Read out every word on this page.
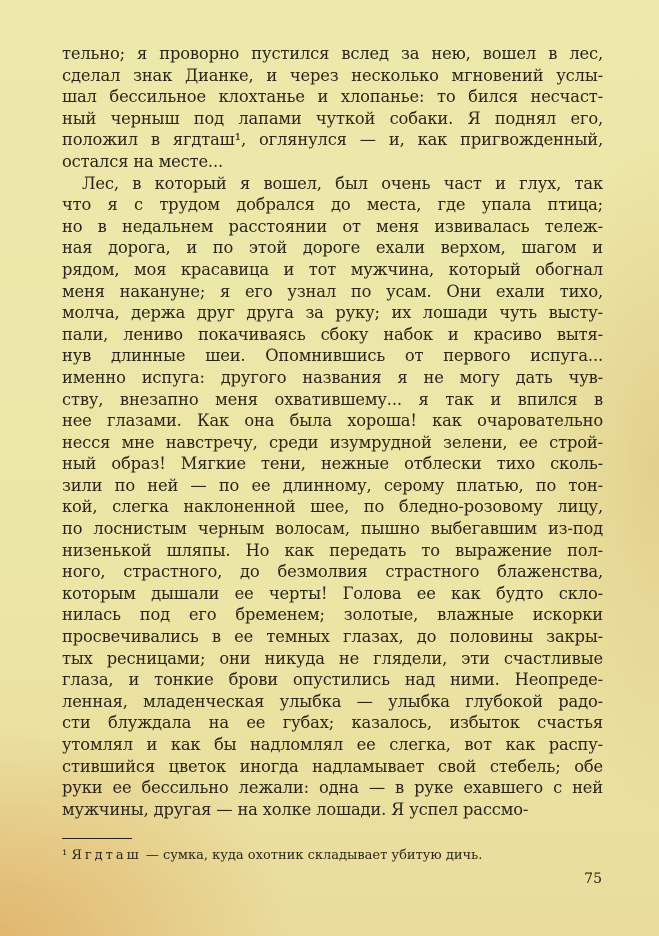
тельно; я проворно пустился вслед за нею, вошел в лес,
сделал знак Дианке, и через несколько мгновений услы-
шал бессильное клохтанье и хлопанье: то бился несчаст-
ный черныш под лапами чуткой собаки. Я поднял его,
положил в ягдташ¹, оглянулся — и, как пригвожденный,
остался на месте...
Лес, в который я вошел, был очень част и глух, так
что я с трудом добрался до места, где упала птица;
но в недальнем расстоянии от меня извивалась тележ-
ная дорога, и по этой дороге ехали верхом, шагом и
рядом, моя красавица и тот мужчина, который обогнал
меня накануне; я его узнал по усам. Они ехали тихо,
молча, держа друг друга за руку; их лошади чуть высту-
пали, лениво покачиваясь сбоку набок и красиво вытя-
нув длинные шеи. Опомнившись от первого испуга...
именно испуга: другого названия я не могу дать чув-
ству, внезапно меня охватившему... я так и впился в
нее глазами. Как она была хороша! как очаровательно
несся мне навстречу, среди изумрудной зелени, ее строй-
ный образ! Мягкие тени, нежные отблески тихо сколь-
зили по ней — по ее длинному, серому платью, по тон-
кой, слегка наклоненной шее, по бледно-розовому лицу,
по лоснистым черным волосам, пышно выбегавшим из-под
низенькой шляпы. Но как передать то выражение пол-
ного, страстного, до безмолвия страстного блаженства,
которым дышали ее черты! Голова ее как будто скло-
нилась под его бременем; золотые, влажные искорки
просвечивались в ее темных глазах, до половины закры-
тых ресницами; они никуда не глядели, эти счастливые
глаза, и тонкие брови опустились над ними. Неопреде-
ленная, младенческая улыбка — улыбка глубокой радо-
сти блуждала на ее губах; казалось, избыток счастья
утомлял и как бы надломлял ее слегка, вот как распу-
стившийся цветок иногда надламывает свой стебель; обе
руки ее бессильно лежали: одна — в руке ехавшего с ней
мужчины, другая — на холке лошади. Я успел рассмо-
¹ Ягдташ — сумка, куда охотник складывает убитую дичь.
75
